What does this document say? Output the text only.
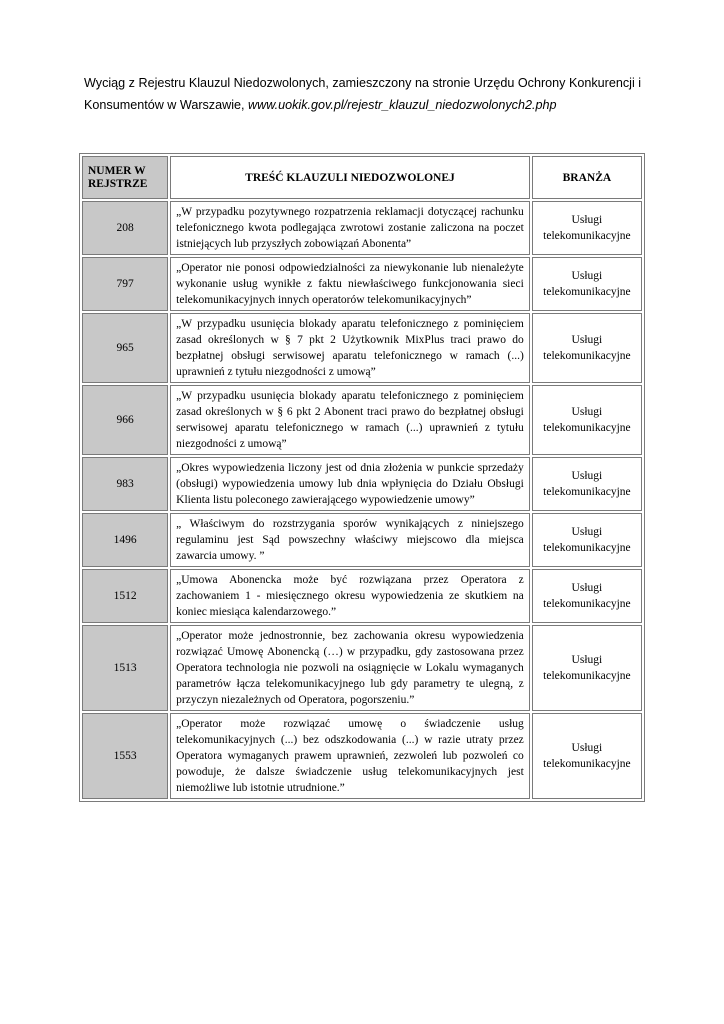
Wyciąg z Rejestru Klauzul Niedozwolonych, zamieszczony na stronie Urzędu Ochrony Konkurencji i
Konsumentów w Warszawie, www.uokik.gov.pl/rejestr_klauzul_niedozwolonych2.php
NUMER W REJSTRZE	TREŚĆ KLAUZULI NIEDOZWOLONEJ	BRANŻA
208	„W przypadku pozytywnego rozpatrzenia reklamacji dotyczącej rachunku telefonicznego kwota podlegająca zwrotowi zostanie zaliczona na poczet istniejących lub przyszłych zobowiązań Abonenta”	Usługi telekomunikacyjne
797	„Operator nie ponosi odpowiedzialności za niewykonanie lub nienależyte wykonanie usług wynikłe z faktu niewłaściwego funkcjonowania sieci telekomunikacyjnych innych operatorów telekomunikacyjnych”	Usługi telekomunikacyjne
965	„W przypadku usunięcia blokady aparatu telefonicznego z pominięciem zasad określonych w § 7 pkt 2 Użytkownik MixPlus traci prawo do bezpłatnej obsługi serwisowej aparatu telefonicznego w ramach (...) uprawnień z tytułu niezgodności z umową”	Usługi telekomunikacyjne
966	„W przypadku usunięcia blokady aparatu telefonicznego z pominięciem zasad określonych w § 6 pkt 2 Abonent traci prawo do bezpłatnej obsługi serwisowej aparatu telefonicznego w ramach (...) uprawnień z tytułu niezgodności z umową”	Usługi telekomunikacyjne
983	„Okres wypowiedzenia liczony jest od dnia złożenia w punkcie sprzedaży (obsługi) wypowiedzenia umowy lub dnia wpłynięcia do Działu Obsługi Klienta listu poleconego zawierającego wypowiedzenie umowy”	Usługi telekomunikacyjne
1496	„ Właściwym do rozstrzygania sporów wynikających z niniejszego regulaminu jest Sąd powszechny właściwy miejscowo dla miejsca zawarcia umowy. ”	Usługi telekomunikacyjne
1512	„Umowa Abonencka może być rozwiązana przez Operatora z zachowaniem 1 - miesięcznego okresu wypowiedzenia ze skutkiem na koniec miesiąca kalendarzowego.”	Usługi telekomunikacyjne
1513	„Operator może jednostronnie, bez zachowania okresu wypowiedzenia rozwiązać Umowę Abonencką (…) w przypadku, gdy zastosowana przez Operatora technologia nie pozwoli na osiągnięcie w Lokalu wymaganych parametrów łącza telekomunikacyjnego lub gdy parametry te ulegną, z przyczyn niezależnych od Operatora, pogorszeniu.”	Usługi telekomunikacyjne
1553	„Operator może rozwiązać umowę o świadczenie usług telekomunikacyjnych (...) bez odszkodowania (...) w razie utraty przez Operatora wymaganych prawem uprawnień, zezwoleń lub pozwoleń co powoduje, że dalsze świadczenie usług telekomunikacyjnych jest niemożliwe lub istotnie utrudnione.”	Usługi telekomunikacyjne
